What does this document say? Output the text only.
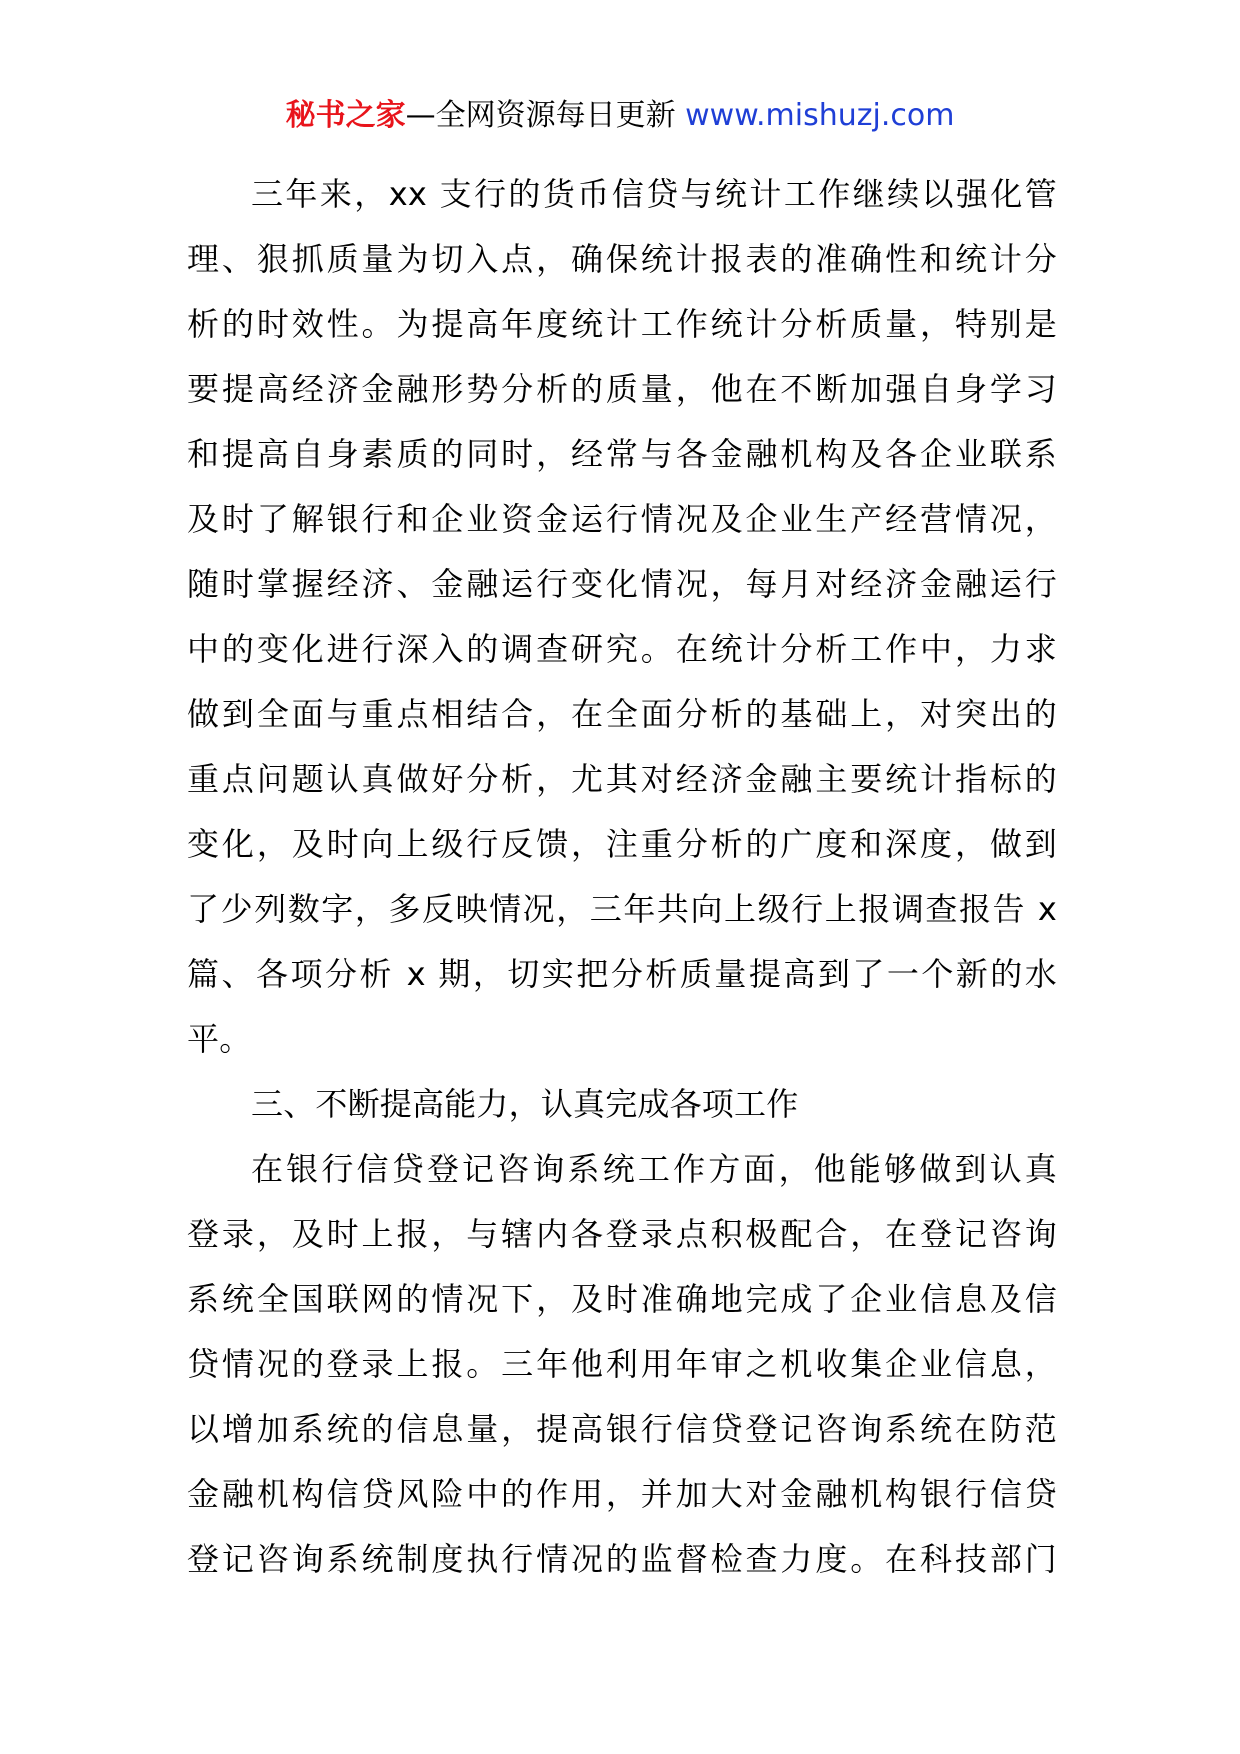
秘书之家—全网资源每日更新 www.mishuzj.com
三年来，xx 支行的货币信贷与统计工作继续以强化管
理、狠抓质量为切入点，确保统计报表的准确性和统计分
析的时效性。为提高年度统计工作统计分析质量，特别是
要提高经济金融形势分析的质量，他在不断加强自身学习
和提高自身素质的同时，经常与各金融机构及各企业联系
及时了解银行和企业资金运行情况及企业生产经营情况，
随时掌握经济、金融运行变化情况，每月对经济金融运行
中的变化进行深入的调查研究。在统计分析工作中，力求
做到全面与重点相结合，在全面分析的基础上，对突出的
重点问题认真做好分析，尤其对经济金融主要统计指标的
变化，及时向上级行反馈，注重分析的广度和深度，做到
了少列数字，多反映情况，三年共向上级行上报调查报告 x
篇、各项分析 x 期，切实把分析质量提高到了一个新的水
平。
三、不断提高能力，认真完成各项工作
在银行信贷登记咨询系统工作方面，他能够做到认真
登录，及时上报，与辖内各登录点积极配合，在登记咨询
系统全国联网的情况下，及时准确地完成了企业信息及信
贷情况的登录上报。三年他利用年审之机收集企业信息，
以增加系统的信息量，提高银行信贷登记咨询系统在防范
金融机构信贷风险中的作用，并加大对金融机构银行信贷
登记咨询系统制度执行情况的监督检查力度。在科技部门
